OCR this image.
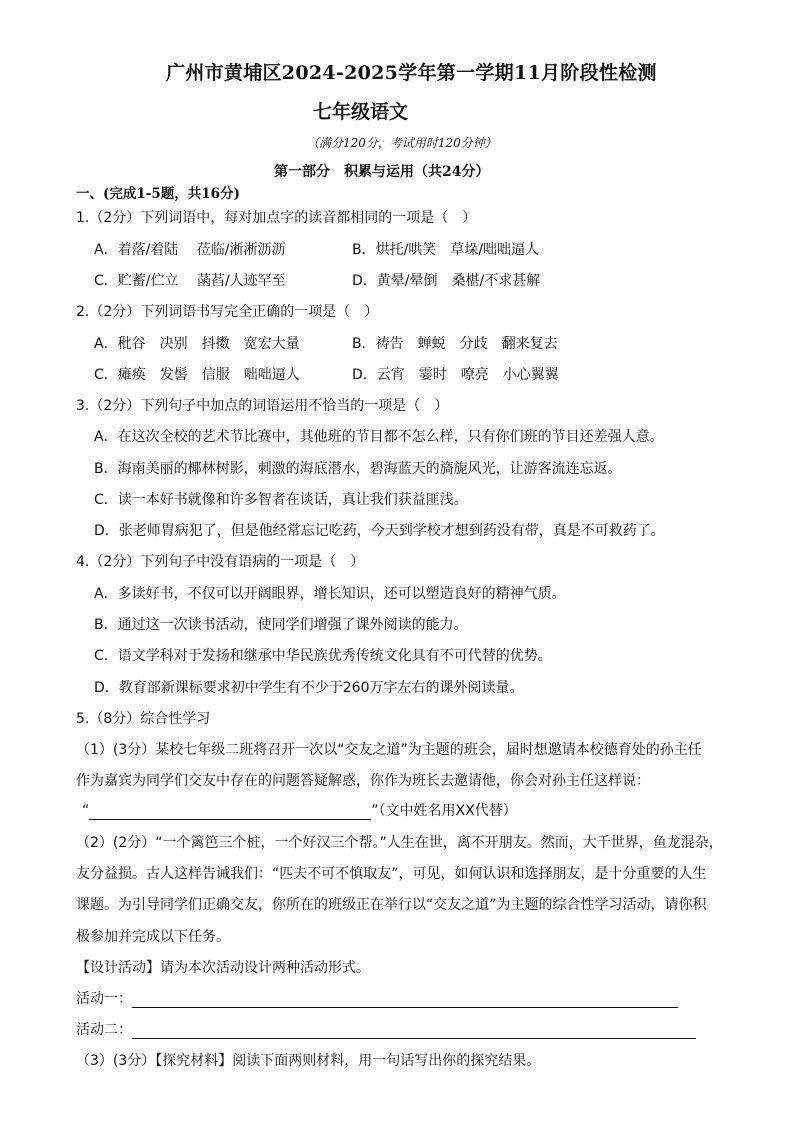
广州市黄埔区2024-2025学年第一学期11月阶段性检测
七年级语文
（满分120分，考试用时120分钟）
第一部分　积累与运用（共24分）
一、(完成1-5题，共16分)
1.（2分）下列词语中，每对加点字的读音都相同的一项是（　）
A．着落/着陆　 莅临/淅淅沥沥	B．烘托/哄笑　草垛/咄咄逼人
C．贮蓄/伫立　 菡萏/人迹罕至	D．黄晕/晕倒　桑椹/不求甚解
2.（2分）下列词语书写完全正确的一项是（　）
A．秕谷　决别　抖擞　宽宏大量	B．祷告　蝉蜕　分歧　翻来复去
C．瘫痪　发髻　信服　咄咄逼人	D．云宵　霎时　嘹亮　小心翼翼
3.（2分）下列句子中加点的词语运用不恰当的一项是（　）
A．在这次全校的艺术节比赛中，其他班的节目都不怎么样，只有你们班的节目还差强人意。
B．海南美丽的椰林树影，刺激的海底潜水，碧海蓝天的旖旎风光，让游客流连忘返。
C．读一本好书就像和许多智者在谈话，真让我们获益匪浅。
D．张老师胃病犯了，但是他经常忘记吃药，今天到学校才想到药没有带，真是不可救药了。
4.（2分）下列句子中没有语病的一项是（　）
A．多读好书，不仅可以开阔眼界，增长知识，还可以塑造良好的精神气质。
B．通过这一次读书活动，使同学们增强了课外阅读的能力。
C．语文学科对于发扬和继承中华民族优秀传统文化具有不可代替的优势。
D．教育部新课标要求初中学生有不少于260万字左右的课外阅读量。
5.（8分）综合性学习
（1）(3分）某校七年级二班将召开一次以“交友之道”为主题的班会，届时想邀请本校德育处的孙主任
作为嘉宾为同学们交友中存在的问题答疑解惑，你作为班长去邀请他，你会对孙主任这样说：
“	”（文中姓名用XX代替）
（2）(2分）“一个篱笆三个桩，一个好汉三个帮。”人生在世，离不开朋友。然而，大千世界，鱼龙混杂，
友分益损。古人这样告诫我们：“匹夫不可不慎取友”，可见，如何认识和选择朋友，是十分重要的人生
课题。为引导同学们正确交友，你所在的班级正在举行以“交友之道”为主题的综合性学习活动，请你积
极参加并完成以下任务。
【设计活动】请为本次活动设计两种活动形式。
活动一：
活动二：
（3）(3分）【探究材料】阅读下面两则材料，用一句话写出你的探究结果。
